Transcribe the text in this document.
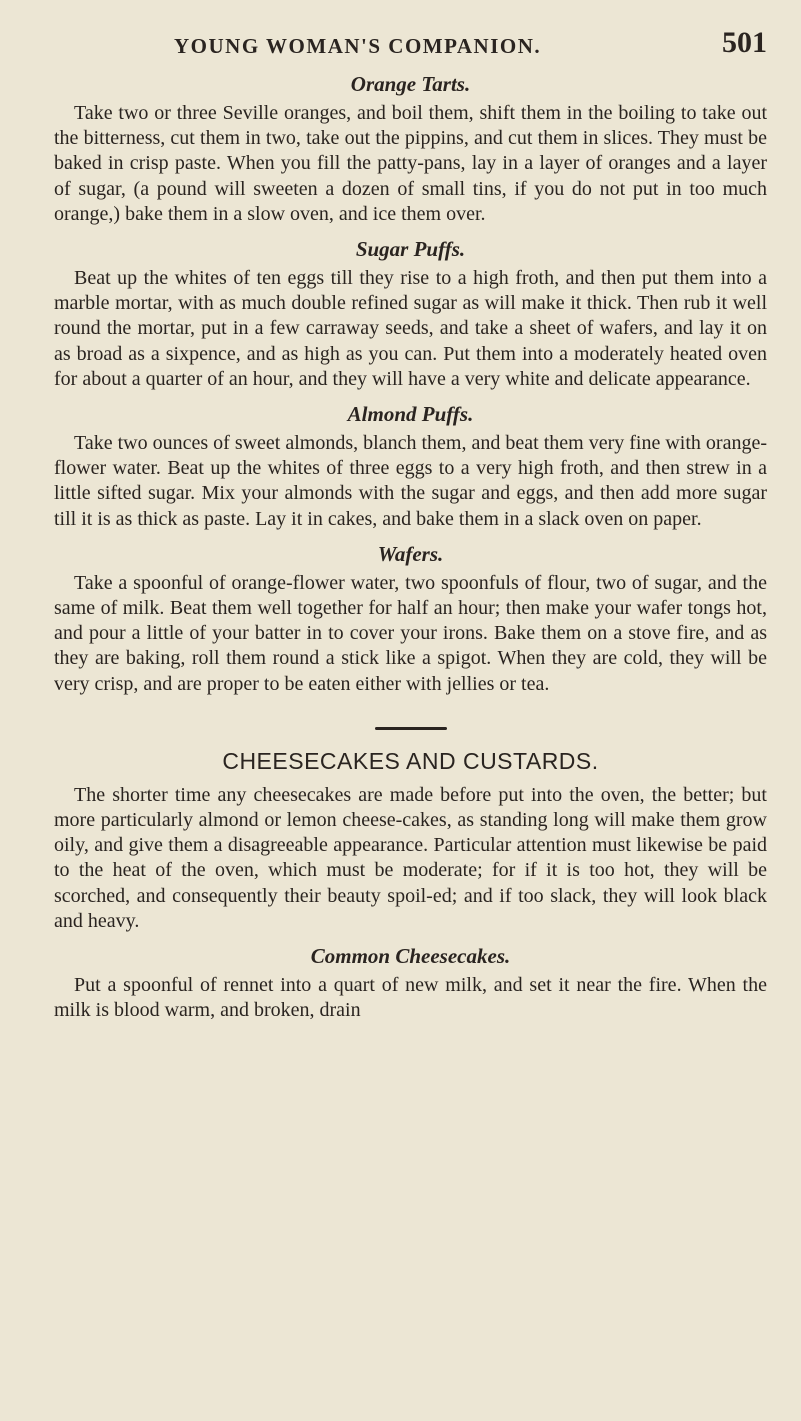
YOUNG WOMAN'S COMPANION.	501
Orange Tarts.

Take two or three Seville oranges, and boil them, shift them in the boiling to take out the bitterness, cut them in two, take out the pippins, and cut them in slices. They must be baked in crisp paste. When you fill the patty-pans, lay in a layer of oranges and a layer of sugar, (a pound will sweeten a dozen of small tins, if you do not put in too much orange,) bake them in a slow oven, and ice them over.

Sugar Puffs.

Beat up the whites of ten eggs till they rise to a high froth, and then put them into a marble mortar, with as much double refined sugar as will make it thick. Then rub it well round the mortar, put in a few carraway seeds, and take a sheet of wafers, and lay it on as broad as a sixpence, and as high as you can. Put them into a moderately heated oven for about a quarter of an hour, and they will have a very white and delicate appearance.

Almond Puffs.

Take two ounces of sweet almonds, blanch them, and beat them very fine with orange-flower water. Beat up the whites of three eggs to a very high froth, and then strew in a little sifted sugar. Mix your almonds with the sugar and eggs, and then add more sugar till it is as thick as paste. Lay it in cakes, and bake them in a slack oven on paper.

Wafers.

Take a spoonful of orange-flower water, two spoonfuls of flour, two of sugar, and the same of milk. Beat them well together for half an hour; then make your wafer tongs hot, and pour a little of your batter in to cover your irons. Bake them on a stove fire, and as they are baking, roll them round a stick like a spigot. When they are cold, they will be very crisp, and are proper to be eaten either with jellies or tea.

CHEESECAKES AND CUSTARDS.

The shorter time any cheesecakes are made before put into the oven, the better; but more particularly almond or lemon cheese-cakes, as standing long will make them grow oily, and give them a disagreeable appearance. Particular attention must likewise be paid to the heat of the oven, which must be moderate; for if it is too hot, they will be scorched, and consequently their beauty spoil-ed; and if too slack, they will look black and heavy.

Common Cheesecakes.

Put a spoonful of rennet into a quart of new milk, and set it near the fire. When the milk is blood warm, and broken, drain
